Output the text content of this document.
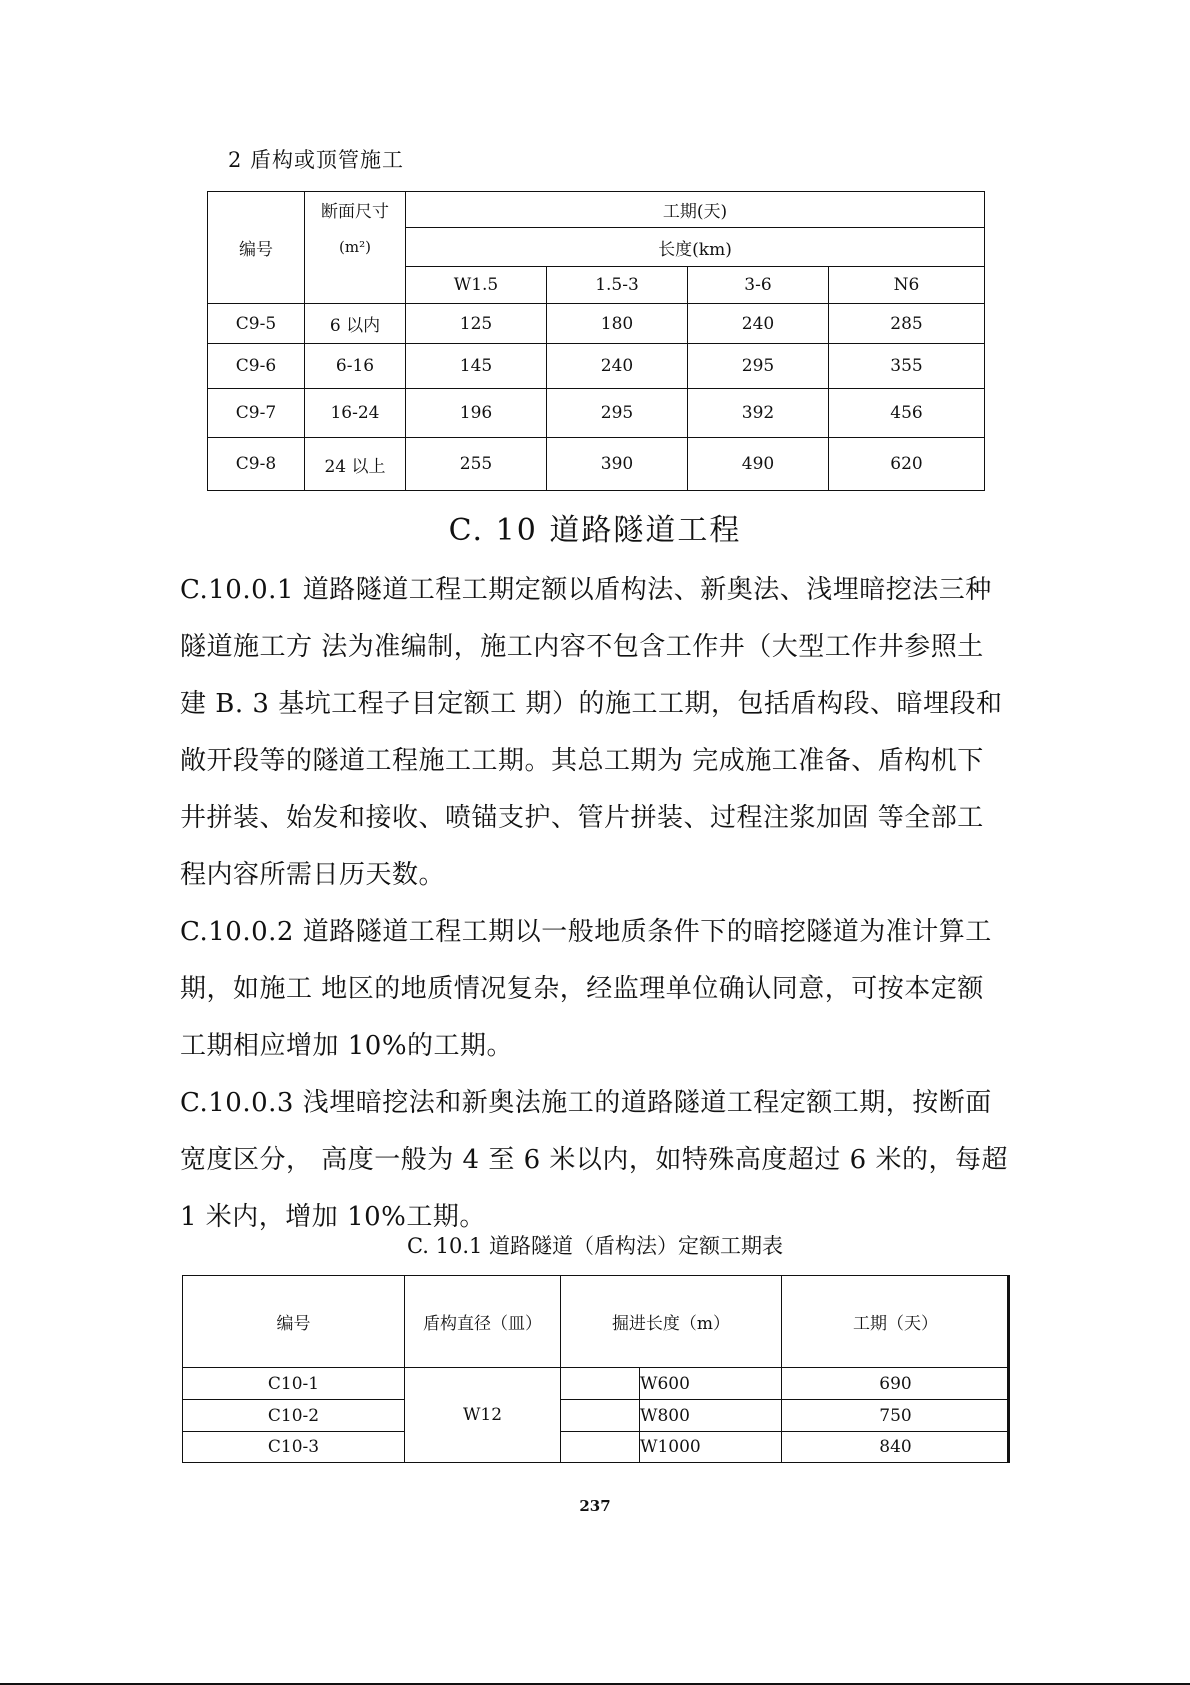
2 盾构或顶管施工
编号	断面尺寸	工期(天)			
	(m²)	长度(km)			
		W1.5	1.5-3	3-6	N6
C9-5	6 以内	125	180	240	285
C9-6	6-16	145	240	295	355
C9-7	16-24	196	295	392	456
C9-8	24 以上	255	390	490	620
C. 10 道路隧道工程

C.10.0.1 道路隧道工程工期定额以盾构法、新奥法、浅埋暗挖法三种隧道施工方 法为准编制，施工内容不包含工作井（大型工作井参照土建 B. 3 基坑工程子目定额工 期）的施工工期，包括盾构段、暗埋段和敞开段等的隧道工程施工工期。其总工期为 完成施工准备、盾构机下井拼装、始发和接收、喷锚支护、管片拼装、过程注浆加固 等全部工程内容所需日历天数。

C.10.0.2 道路隧道工程工期以一般地质条件下的暗挖隧道为准计算工期，如施工 地区的地质情况复杂，经监理单位确认同意，可按本定额工期相应增加 10%的工期。

C.10.0.3 浅埋暗挖法和新奥法施工的道路隧道工程定额工期，按断面宽度区分， 高度一般为 4 至 6 米以内，如特殊高度超过 6 米的，每超 1 米内，增加 10%工期。

C. 10.1 道路隧道（盾构法）定额工期表
编号	盾构直径（皿）	掘进长度（m）		工期（天）
C10-1	W12		W600	690
C10-2			W800	750
C10-3			W1000	840
237
